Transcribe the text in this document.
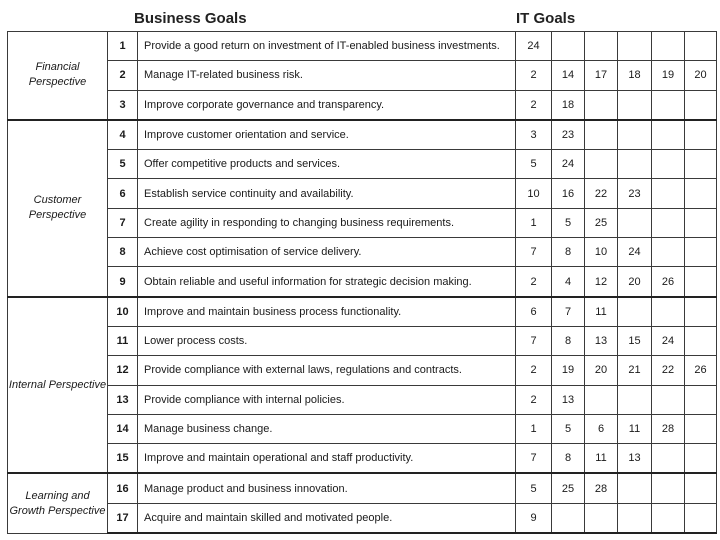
Business Goals	IT Goals
Financial Perspective	1	Provide a good return on investment of IT-enabled business investments.	24					
	2	Manage IT-related business risk.	2	14	17	18	19	20
	3	Improve corporate governance and transparency.	2	18				
Customer Perspective	4	Improve customer orientation and service.	3	23				
	5	Offer competitive products and services.	5	24				
	6	Establish service continuity and availability.	10	16	22	23		
	7	Create agility in responding to changing business requirements.	1	5	25			
	8	Achieve cost optimisation of service delivery.	7	8	10	24		
	9	Obtain reliable and useful information for strategic decision making.	2	4	12	20	26	
Internal Perspective	10	Improve and maintain business process functionality.	6	7	11			
	11	Lower process costs.	7	8	13	15	24	
	12	Provide compliance with external laws, regulations and contracts.	2	19	20	21	22	26
	13	Provide compliance with internal policies.	2	13				
	14	Manage business change.	1	5	6	11	28	
	15	Improve and maintain operational and staff productivity.	7	8	11	13		
Learning and Growth Perspective	16	Manage product and business innovation.	5	25	28			
	17	Acquire and maintain skilled and motivated people.	9					
